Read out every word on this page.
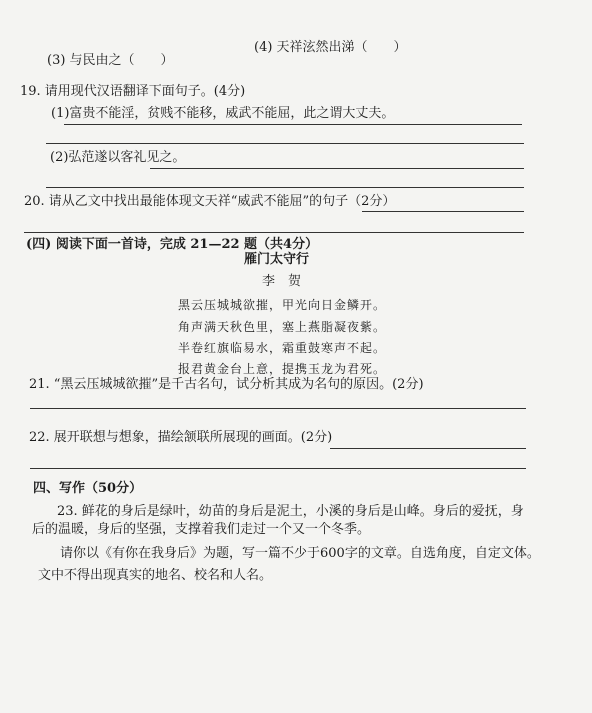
(3) 与民由之（　　）
(4) 天祥泫然出涕（　　）
19. 请用现代汉语翻译下面句子。(4分)
(1)富贵不能淫，贫贱不能移，威武不能屈，此之谓大丈夫。
(2)弘范遂以客礼见之。
20. 请从乙文中找出最能体现文天祥“威武不能屈”的句子（2分）
(四) 阅读下面一首诗，完成 21—22 题（共4分）
雁门太守行
李　贺
黑云压城城欲摧，甲光向日金鳞开。
角声满天秋色里，塞上燕脂凝夜紫。
半卷红旗临易水，霜重鼓寒声不起。
报君黄金台上意，提携玉龙为君死。
21. “黑云压城城欲摧”是千古名句，试分析其成为名句的原因。(2分)
22. 展开联想与想象，描绘颔联所展现的画面。(2分)
四、写作（50分）
23. 鲜花的身后是绿叶，幼苗的身后是泥土，小溪的身后是山峰。身后的爱抚，身
后的温暖，身后的坚强，支撑着我们走过一个又一个冬季。
请你以《有你在我身后》为题，写一篇不少于600字的文章。自选角度，自定文体。
文中不得出现真实的地名、校名和人名。
